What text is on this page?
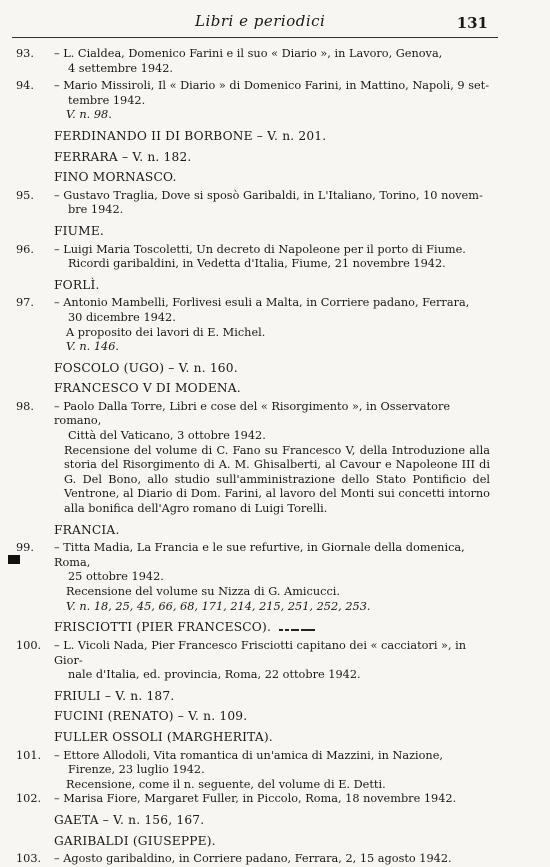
Libri e periodici	131
93.	– L. Cialdea, Domenico Farini e il suo « Diario », in Lavoro, Genova,
4 settembre 1942.
94.	– Mario Missiroli, Il « Diario » di Domenico Farini, in Mattino, Napoli, 9 set-
tembre 1942.
V. n. 98.
FERDINANDO II DI BORBONE – V. n. 201.
FERRARA – V. n. 182.
FINO MORNASCO.
95.	– Gustavo Traglia, Dove si sposò Garibaldi, in L'Italiano, Torino, 10 novem-
bre 1942.
FIUME.
96.	– Luigi Maria Toscoletti, Un decreto di Napoleone per il porto di Fiume.
Ricordi garibaldini, in Vedetta d'Italia, Fiume, 21 novembre 1942.
FORLÌ.
97.	– Antonio Mambelli, Forlivesi esuli a Malta, in Corriere padano, Ferrara,
30 dicembre 1942.
A proposito dei lavori di E. Michel.
V. n. 146.
FOSCOLO (UGO) – V. n. 160.
FRANCESCO V DI MODENA.
98.	– Paolo Dalla Torre, Libri e cose del « Risorgimento », in Osservatore romano,
Città del Vaticano, 3 ottobre 1942.
Recensione del volume di C. Fano su Francesco V, della Introduzione alla storia del Risorgimento di A. M. Ghisalberti, al Cavour e Napoleone III di G. Del Bono, allo studio sull'amministrazione dello Stato Pontificio del Ventrone, al Diario di Dom. Farini, al lavoro del Monti sui concetti intorno alla bonifica dell'Agro romano di Luigi Torelli.
FRANCIA.
99.	– Titta Madia, La Francia e le sue refurtive, in Giornale della domenica, Roma,
25 ottobre 1942.
Recensione del volume su Nizza di G. Amicucci.
V. n. 18, 25, 45, 66, 68, 171, 214, 215, 251, 252, 253.
FRISCIOTTI (PIER FRANCESCO).
100.	– L. Vicoli Nada, Pier Francesco Frisciotti capitano dei « cacciatori », in Gior-
nale d'Italia, ed. provincia, Roma, 22 ottobre 1942.
FRIULI – V. n. 187.
FUCINI (RENATO) – V. n. 109.
FULLER OSSOLI (MARGHERITA).
101.	– Ettore Allodoli, Vita romantica di un'amica di Mazzini, in Nazione,
Firenze, 23 luglio 1942.
Recensione, come il n. seguente, del volume di E. Detti.
102.	– Marisa Fiore, Margaret Fuller, in Piccolo, Roma, 18 novembre 1942.
GAETA – V. n. 156, 167.
GARIBALDI (GIUSEPPE).
103.	– Agosto garibaldino, in Corriere padano, Ferrara, 2, 15 agosto 1942.
